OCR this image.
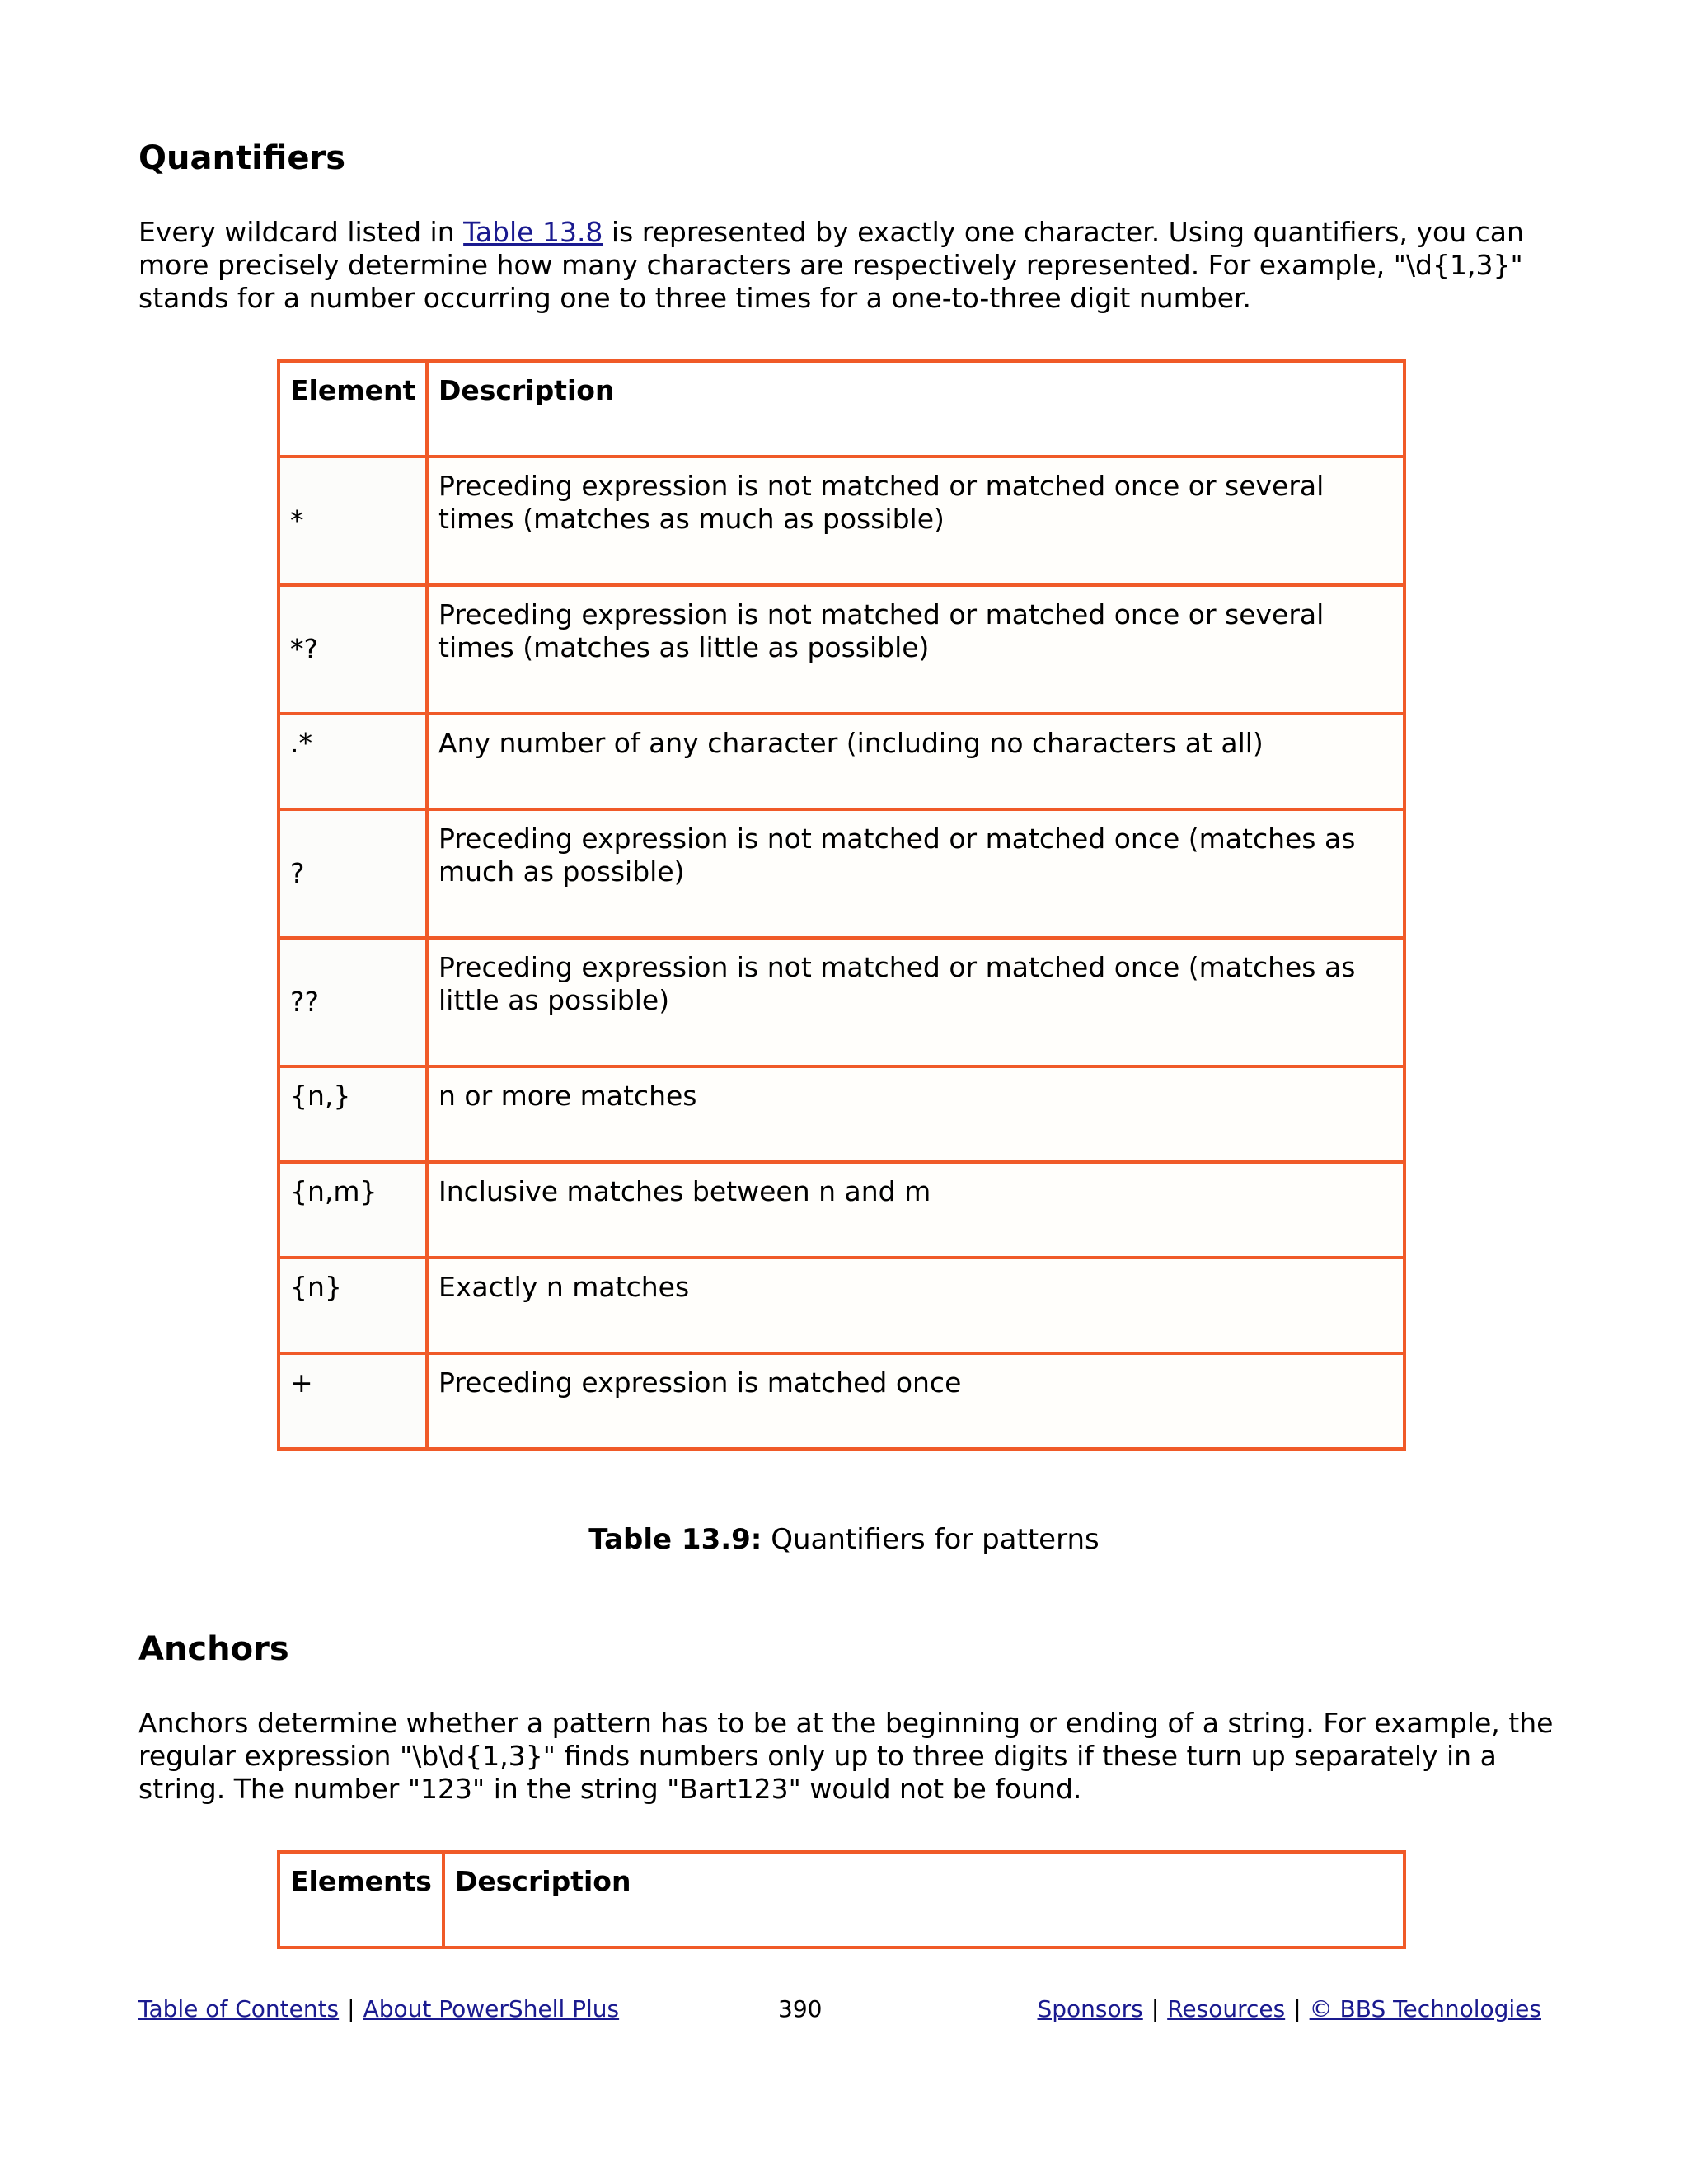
Quantifiers

Every wildcard listed in Table 13.8 is represented by exactly one character. Using quantifiers, you can more precisely determine how many characters are respectively represented. For example, "\d{1,3}" stands for a number occurring one to three times for a one-to-three digit number.

Element	Description
*	Preceding expression is not matched or matched once or several times (matches as much as possible)
*?	Preceding expression is not matched or matched once or several times (matches as little as possible)
.*	Any number of any character (including no characters at all)
?	Preceding expression is not matched or matched once (matches as much as possible)
??	Preceding expression is not matched or matched once (matches as little as possible)
{n,}	n or more matches
{n,m}	Inclusive matches between n and m
{n}	Exactly n matches
+	Preceding expression is matched once

Table 13.9: Quantifiers for patterns

Anchors

Anchors determine whether a pattern has to be at the beginning or ending of a string. For example, the regular expression "\b\d{1,3}" finds numbers only up to three digits if these turn up separately in a string. The number "123" in the string "Bart123" would not be found.

Elements	Description
Table of Contents | About PowerShell Plus	390	Sponsors | Resources | © BBS Technologies
